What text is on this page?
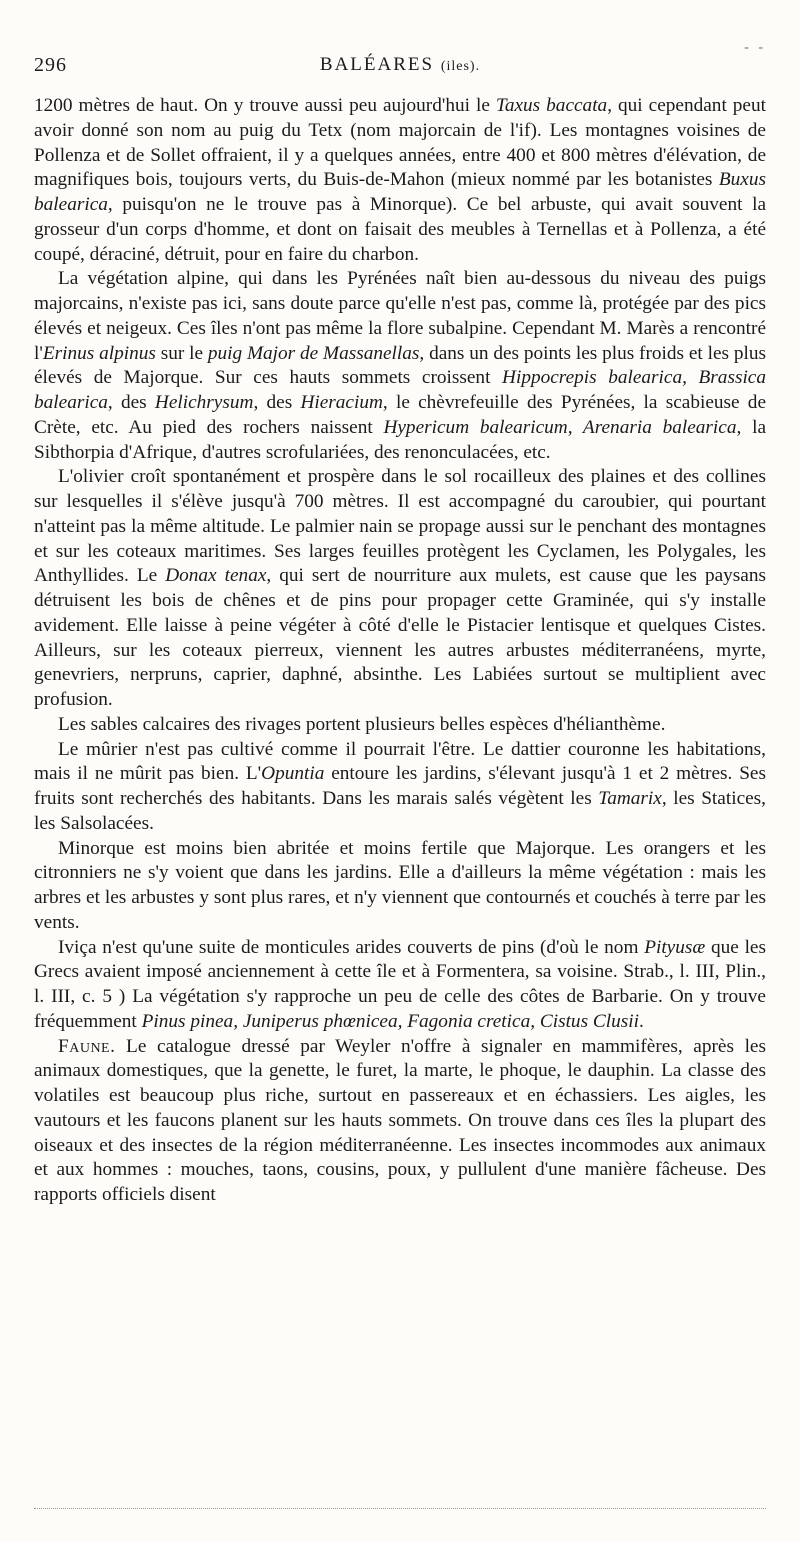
296	BALÉARES (iles).
- -

1200 mètres de haut. On y trouve aussi peu aujourd'hui le Taxus baccata, qui cependant peut avoir donné son nom au puig du Tetx (nom majorcain de l'if). Les montagnes voisines de Pollenza et de Sollet offraient, il y a quelques années, entre 400 et 800 mètres d'élévation, de magnifiques bois, toujours verts, du Buis-de-Mahon (mieux nommé par les botanistes Buxus balearica, puisqu'on ne le trouve pas à Minorque). Ce bel arbuste, qui avait souvent la grosseur d'un corps d'homme, et dont on faisait des meubles à Ternellas et à Pollenza, a été coupé, déraciné, détruit, pour en faire du charbon.

La végétation alpine, qui dans les Pyrénées naît bien au-dessous du niveau des puigs majorcains, n'existe pas ici, sans doute parce qu'elle n'est pas, comme là, protégée par des pics élevés et neigeux. Ces îles n'ont pas même la flore subalpine. Cependant M. Marès a rencontré l'Erinus alpinus sur le puig Major de Massanellas, dans un des points les plus froids et les plus élevés de Majorque. Sur ces hauts sommets croissent Hippocrepis balearica, Brassica balearica, des Helichrysum, des Hieracium, le chèvrefeuille des Pyrénées, la scabieuse de Crète, etc. Au pied des rochers naissent Hypericum balearicum, Arenaria balearica, la Sibthorpia d'Afrique, d'autres scrofulariées, des renonculacées, etc.

L'olivier croît spontanément et prospère dans le sol rocailleux des plaines et des collines sur lesquelles il s'élève jusqu'à 700 mètres. Il est accompagné du caroubier, qui pourtant n'atteint pas la même altitude. Le palmier nain se propage aussi sur le penchant des montagnes et sur les coteaux maritimes. Ses larges feuilles protègent les Cyclamen, les Polygales, les Anthyllides. Le Donax tenax, qui sert de nourriture aux mulets, est cause que les paysans détruisent les bois de chênes et de pins pour propager cette Graminée, qui s'y installe avidement. Elle laisse à peine végéter à côté d'elle le Pistacier lentisque et quelques Cistes. Ailleurs, sur les coteaux pierreux, viennent les autres arbustes méditerranéens, myrte, genevriers, nerpruns, caprier, daphné, absinthe. Les Labiées surtout se multiplient avec profusion.

Les sables calcaires des rivages portent plusieurs belles espèces d'hélianthème.

Le mûrier n'est pas cultivé comme il pourrait l'être. Le dattier couronne les habitations, mais il ne mûrit pas bien. L'Opuntia entoure les jardins, s'élevant jusqu'à 1 et 2 mètres. Ses fruits sont recherchés des habitants. Dans les marais salés végètent les Tamarix, les Statices, les Salsolacées.

Minorque est moins bien abritée et moins fertile que Majorque. Les orangers et les citronniers ne s'y voient que dans les jardins. Elle a d'ailleurs la même végétation : mais les arbres et les arbustes y sont plus rares, et n'y viennent que contournés et couchés à terre par les vents.

Iviça n'est qu'une suite de monticules arides couverts de pins (d'où le nom Pityusæ que les Grecs avaient imposé anciennement à cette île et à Formentera, sa voisine. Strab., l. III, Plin., l. III, c. 5 ) La végétation s'y rapproche un peu de celle des côtes de Barbarie. On y trouve fréquemment Pinus pinea, Juniperus phœnicea, Fagonia cretica, Cistus Clusii.

Faune. Le catalogue dressé par Weyler n'offre à signaler en mammifères, après les animaux domestiques, que la genette, le furet, la marte, le phoque, le dauphin. La classe des volatiles est beaucoup plus riche, surtout en passereaux et en échassiers. Les aigles, les vautours et les faucons planent sur les hauts sommets. On trouve dans ces îles la plupart des oiseaux et des insectes de la région méditerranéenne. Les insectes incommodes aux animaux et aux hommes : mouches, taons, cousins, poux, y pullulent d'une manière fâcheuse. Des rapports officiels disent
